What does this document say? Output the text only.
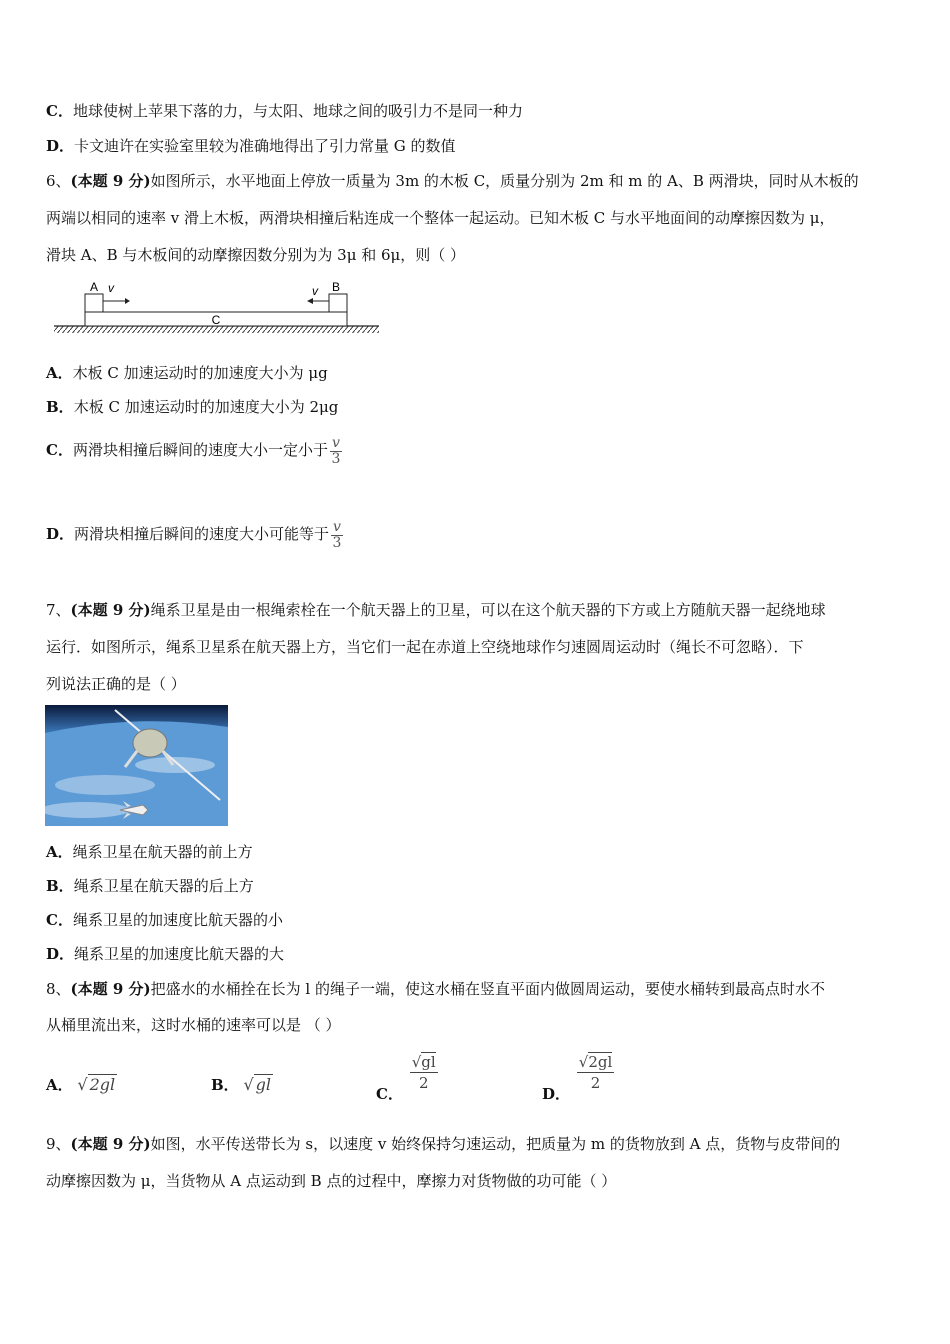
C．地球使树上苹果下落的力，与太阳、地球之间的吸引力不是同一种力
D．卡文迪许在实验室里较为准确地得出了引力常量 G 的数值
6、(本题 9 分)如图所示，水平地面上停放一质量为 3m 的木板 C，质量分别为 2m 和 m 的 A、B 两滑块，同时从木板的
两端以相同的速率 v 滑上木板，两滑块相撞后粘连成一个整体一起运动。已知木板 C 与水平地面间的动摩擦因数为 μ，
滑块 A、B 与木板间的动摩擦因数分别为为 3μ 和 6μ，则（ ）
C
A v	B
v
A．木板 C 加速运动时的加速度大小为 μg
B．木板 C 加速运动时的加速度大小为 2μg
C．两滑块相撞后瞬间的速度大小一定小于 $\frac{v}{3}$
D．两滑块相撞后瞬间的速度大小可能等于 $\frac{v}{3}$
7、(本题 9 分)绳系卫星是由一根绳索栓在一个航天器上的卫星，可以在这个航天器的下方或上方随航天器一起绕地球
运行．如图所示，绳系卫星系在航天器上方，当它们一起在赤道上空绕地球作匀速圆周运动时（绳长不可忽略）．下
列说法正确的是（ ）
A．绳系卫星在航天器的前上方
B．绳系卫星在航天器的后上方
C．绳系卫星的加速度比航天器的小
D．绳系卫星的加速度比航天器的大
8、(本题 9 分)把盛水的水桶拴在长为 l 的绳子一端，使这水桶在竖直平面内做圆周运动，要使水桶转到最高点时水不
从桶里流出来，这时水桶的速率可以是 （ ）
A． √ 2gl	B． √ gl	C．
$\frac{√gl}{2}$
D．
$\frac{√2gl}{2}$
9、(本题 9 分)如图，水平传送带长为 s，以速度 v 始终保持匀速运动，把质量为 m 的货物放到 A 点，货物与皮带间的
动摩擦因数为 μ，当货物从 A 点运动到 B 点的过程中，摩擦力对货物做的功可能（ ）
